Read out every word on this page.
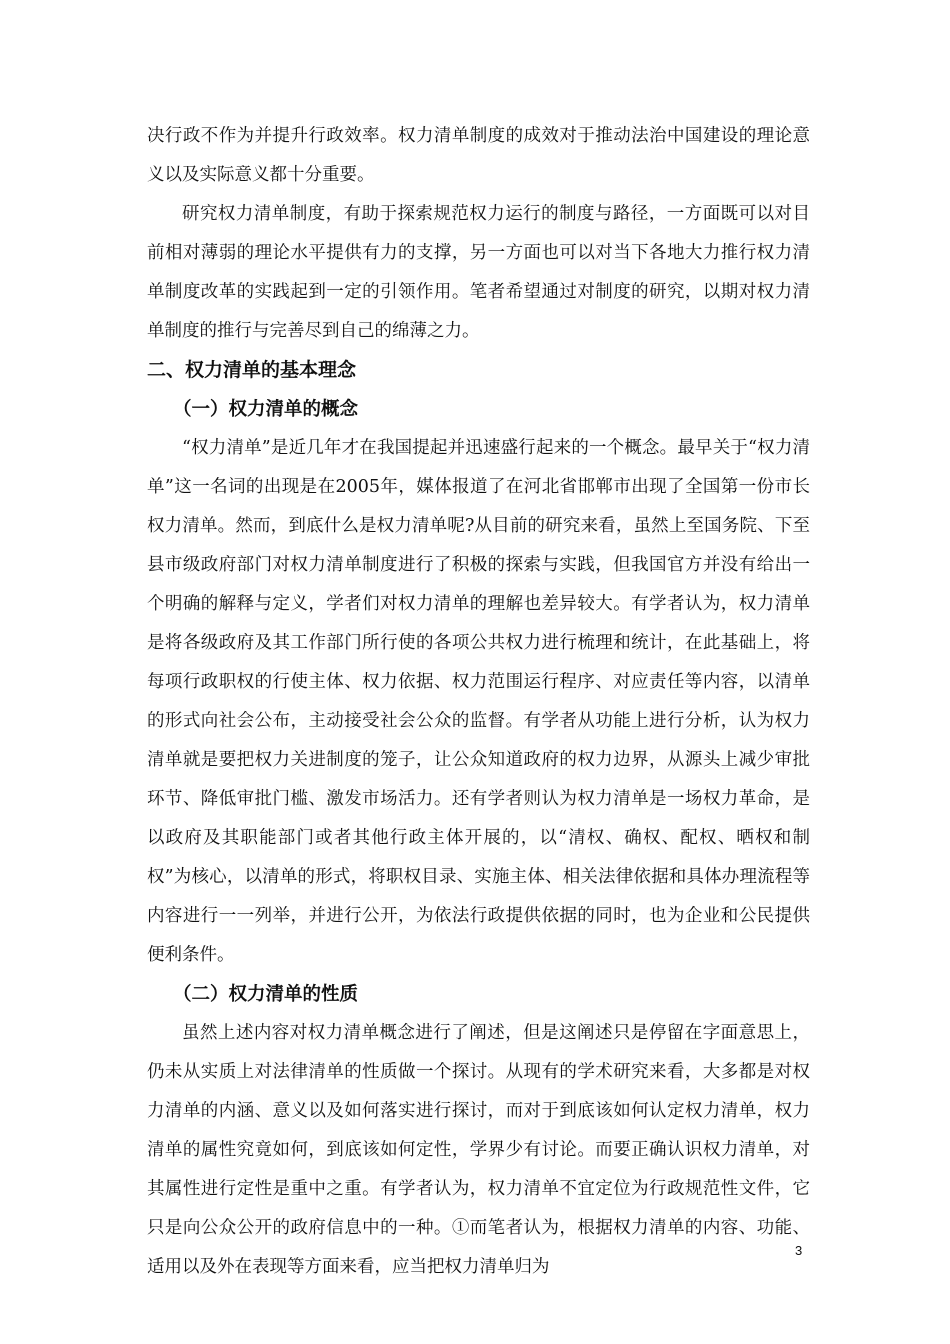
决行政不作为并提升行政效率。权力清单制度的成效对于推动法治中国建设的理论意义以及实际意义都十分重要。

研究权力清单制度，有助于探索规范权力运行的制度与路径，一方面既可以对目前相对薄弱的理论水平提供有力的支撑，另一方面也可以对当下各地大力推行权力清单制度改革的实践起到一定的引领作用。笔者希望通过对制度的研究，以期对权力清单制度的推行与完善尽到自己的绵薄之力。

二、权力清单的基本理念
（一）权力清单的概念

“权力清单”是近几年才在我国提起并迅速盛行起来的一个概念。最早关于“权力清单”这一名词的出现是在2005年，媒体报道了在河北省邯郸市出现了全国第一份市长权力清单。然而，到底什么是权力清单呢?从目前的研究来看，虽然上至国务院、下至县市级政府部门对权力清单制度进行了积极的探索与实践，但我国官方并没有给出一个明确的解释与定义，学者们对权力清单的理解也差异较大。有学者认为，权力清单是将各级政府及其工作部门所行使的各项公共权力进行梳理和统计，在此基础上，将每项行政职权的行使主体、权力依据、权力范围运行程序、对应责任等内容，以清单的形式向社会公布，主动接受社会公众的监督。有学者从功能上进行分析，认为权力清单就是要把权力关进制度的笼子，让公众知道政府的权力边界，从源头上减少审批环节、降低审批门槛、激发市场活力。还有学者则认为权力清单是一场权力革命，是以政府及其职能部门或者其他行政主体开展的，以“清权、确权、配权、晒权和制权”为核心，以清单的形式，将职权目录、实施主体、相关法律依据和具体办理流程等内容进行一一列举，并进行公开，为依法行政提供依据的同时，也为企业和公民提供便利条件。

（二）权力清单的性质

虽然上述内容对权力清单概念进行了阐述，但是这阐述只是停留在字面意思上，仍未从实质上对法律清单的性质做一个探讨。从现有的学术研究来看，大多都是对权力清单的内涵、意义以及如何落实进行探讨，而对于到底该如何认定权力清单，权力清单的属性究竟如何，到底该如何定性，学界少有讨论。而要正确认识权力清单，对其属性进行定性是重中之重。有学者认为，权力清单不宜定位为行政规范性文件，它只是向公众公开的政府信息中的一种。①而笔者认为，根据权力清单的内容、功能、适用以及外在表现等方面来看，应当把权力清单归为

3
